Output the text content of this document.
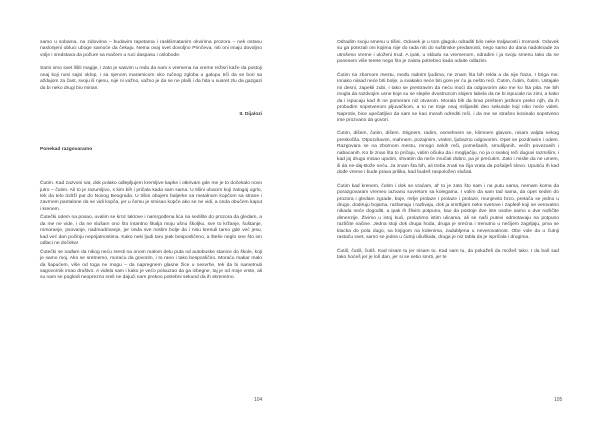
samo u sobama, na zidovima – budavim tapetama i raskliimatanim okvirima prozora – nek ostanu naslonjeni obluci uboge samoće da čekaju. Nema ovaj svet dovoljno Prinčeva, niti oni imaju dovoljno volje i sredstava da požure sa mačem u ruci daspasu i oslobode.

Sami smo svet lišili magije, i zato je sasvim u redu da nam s vremena na vreme režisri kaže da postoji onaj koji nosi sajni oklop, i sa njenom maramicom oko ručnog zgloba u galopu trči da se bori sa aždajom za čast, svoju ili njenu, nije ni važno, važno je da se ne plaši i da hita u susret zlu da gazgazi da bi neko drugi bio mirian.

II. Dijalozi
Ponekad razgovaramo

Čutim. Kad zazvoni sat, dok polako odlepljujem kremljive kapke i otkrivam gde me je to dočekalo novo jutro – čutim. Ali to je razumljivo, s kim bih i pričala kada sam sama. U tišini ubacim koji zalogaj ugrlo, tek da telo izdrži put do Novog Beograda. U tišini obujem baljerke sa metalnom kopčom sa strane i zavrnem pantalone da se vidi kopča, jer u čemu je smisao kopče ako se ne vidi, a onda obučem kaput i krenem.

Čutečki odem na posao, uvalim se kroz laktove i namrgođena lica na sedište do prozora da gledam, a da me ne vide, i da ne slušam ono što intantno škalja moju ušnu školjku, sve to kržanje, šuštanje, romoranje, psovanje, nadmudrivanje, jer onda sve mislim bolje da i nisu krenuli tamo gde već jesu, kad već dan počinju nepriјatnostima. Kako neki ljudi taru jeak besposličeno, a šteše neglo one što ion odlaci ne dočeka!

Čutečki se nađam da nikog neću sresti na onom malom delu puta od autobuske stanice do škole, koji je samo moj. Ako se sretnemo, moraću da govorim, i to rano i tako besposlično. Moraću makar malo da šapućem, više od toga ne mogu – da napregnem glasne žice u nesvrhe, tek da bi nametnuti sagovornik imao društvo. A videla sam i kako je većo poluuzao da ga izbegne, taj je od moje vrste, ali su nam se pogledi neoprezno sreli ne dajući nam prekoo potrebni sekund da ih skrenemo.

104

Odradim svoju smenu u tišini. Oduvek je u tom glagolu odraditi bilo neke traljavosti i tromosti. Oduvek su ga potezali oni kojima nije do rada niti do suštinske predanosti, nego samo do dana nadoknade za utrošeno vreme i uloženi trud. A ipak, u skladu sa vremenom, odradim i ja svoju smenu tako da ne ponesem više terete nego što je zaista potrebno kada odaite odlazim.

Čutim na zbornom mestu, među radnim ljudima, ne znam šta bih rekla a da nije fraza. I briga me. Ionako niisad neće biti bolje, a svakako neće biti gore jer ću ja nešto reći. Čutim, čutim, čutim. Ustajale mi desni, zapekli zubi, i tako se prestravim da neću moći da odgovorim ako me ko šta pita. Ne bih mogla da razdvojim usne koje su se slepile dvostruzom slojem labela da ne bi ispucale na zimi, a kako da i ispucaju kad ih ne pomeram niz otvarom. Morala bih da brao preštem jezikom preko njih, da ih probudim sopstvenom pljuvačkom, a to ne traje onaj milijarditi deo sekunde koji niko neće videti. Naprotiv, bice upečatljivo da sam se kao morah odrediti reči, i da me se strašno kosinalo sopstveno ime prozvano da govori.

Čutim, dišem, čutim, dišem. Stignem, radim, osmehnem se, klimnem glavom, nisam valjda nekog preskočila. Otpozdravim, mahnem, pozajmim, vratim, ljubazno odgovorim. Opet se pozdravim i odem. Razgovara se na zbornom mestu, mnogo nekih reči, pomešanih, smušljanih, većih povezanih i nabacanih. Ko bi znao šta to pričaju, vidim očiuku da i mogljačiju, no ja o svakoj reči duguvi razmišim, i kad joj drugu misao uputim, shvatim da neće zvučati dobro, pa je prećutim. Zato i mislie da ne umem, ili da ne-daj-Bože neću. Ja znam šta bih, ali treba znati na čija vrata da pošalješ slovo. Uputiću ih kad dođe vreme i bude prava prilika, kad budeš raspoložen slušati.

Čutim kad krenem, čutim i dok se vraćam, al' to je zato što sam i na putu sama, nemam koma da porazgovaram vremeo iazvanu suvretom sa kolegama. I volim da sam tad sama, da opet sedim do prozora i gledam zgrade, boje, mrlje prolaze i prolaze i prolaze, munjevito brzo, pretaču se jedno u drugo, dodiruju bojama, razlamaju i razlivaju, dok ja smrtlijam neke svetove i zapletě koji se verovatno nikada neće dogoditi, a ipak ih žlivim potpuno, kao da postoje dve iste osobe samo u dve različite dimenzije. Živimo u istoj kući, prolazimo istim ulicama, ali se naši putevi odmotavaju na potpuno različite načine. Jedna stoji dok druga hoda, druga je srećna i trenutno u nečijem zagrljaju, prva se klacka do pola dugo, sa knjigom na kolenima, zadubljena u neverovatnost. Obe vole da u čutnji rastaču svet, samo se jedna u čutnji ušuškala, druga je niz tabla da je ispričala i drugima.

Čutiš, čutiš, čutiš. Kad nisam tu jer nisam tu. Kad sam tu, da pokažeš da možeš tako. I da baš sad tako hoćeš jer je loš dan, jer si se setio smrti, jer te

105
